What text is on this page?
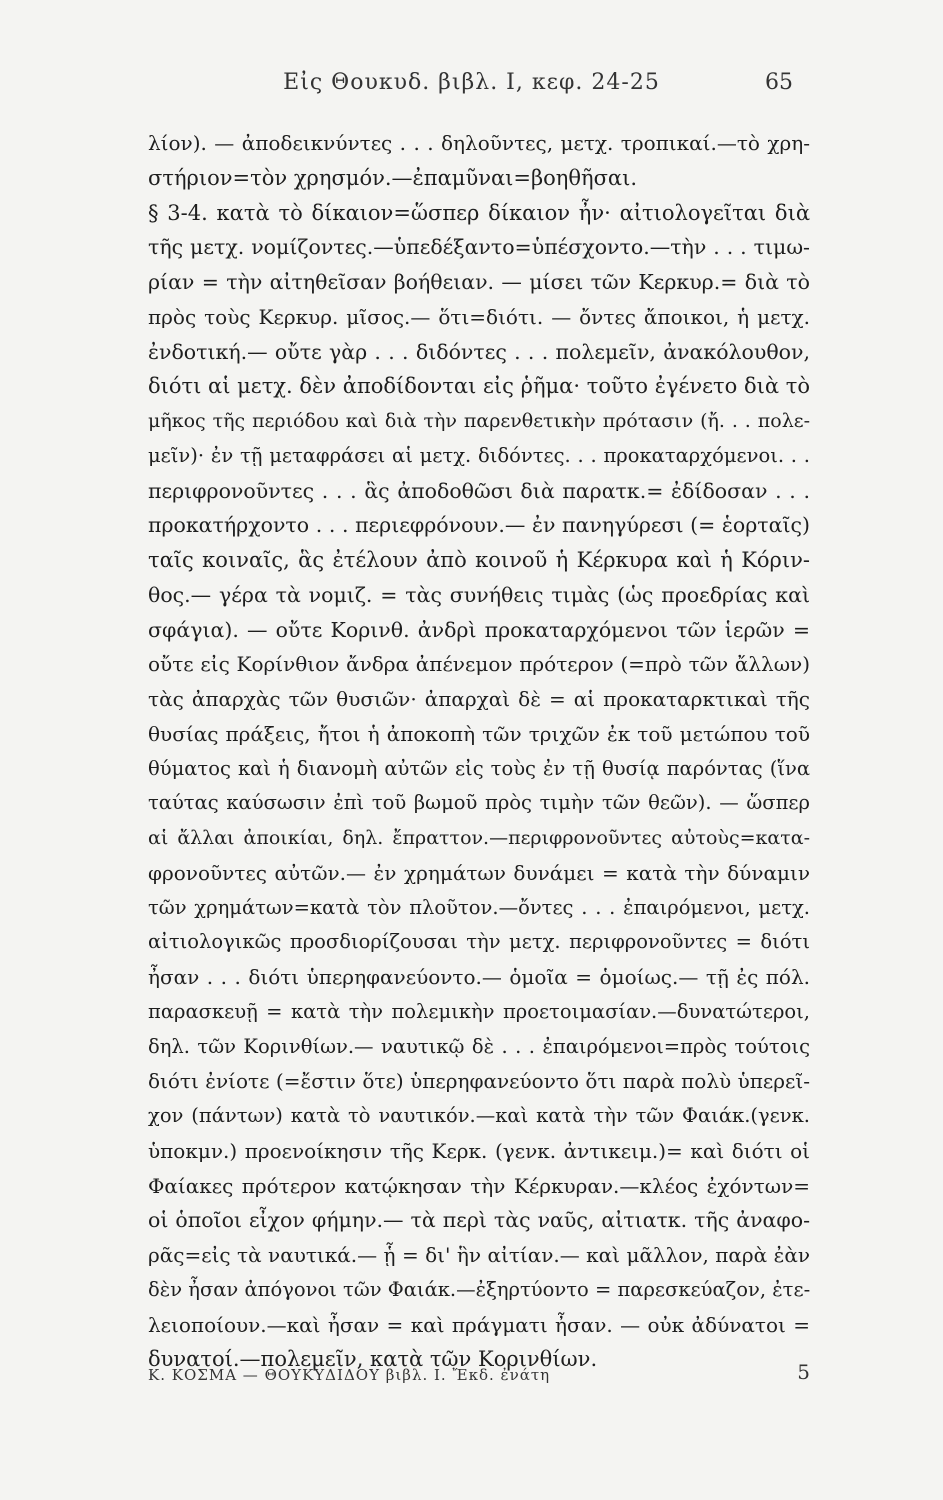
Εἰς Θουκυδ. βιβλ. Ι, κεφ. 24-25	65
λίον). — ἀποδεικνύντες . . . δηλοῦντες, μετχ. τροπικαί.—τὸ χρη-
στήριον=τὸν χρησμόν.—ἐπαμῦναι=βοηθῆσαι.
§ 3-4. κατὰ τὸ δίκαιον=ὥσπερ δίκαιον ἦν· αἰτιολογεῖται διὰ
τῆς μετχ. νομίζοντες.—ὑπεδέξαντο=ὑπέσχοντο.—τὴν . . . τιμω-
ρίαν = τὴν αἰτηθεῖσαν βοήθειαν. — μίσει τῶν Κερκυρ.= διὰ τὸ
πρὸς τοὺς Κερκυρ. μῖσος.— ὅτι=διότι. — ὄντες ἄποικοι, ἡ μετχ.
ἐνδοτική.— οὔτε γὰρ . . . διδόντες . . . πολεμεῖν, ἀνακόλουθον,
διότι αἱ μετχ. δὲν ἀποδίδονται εἰς ῥῆμα· τοῦτο ἐγένετο διὰ τὸ
μῆκος τῆς περιόδου καὶ διὰ τὴν παρενθετικὴν πρότασιν (ἤ. . . πολε-
μεῖν)· ἐν τῇ μεταφράσει αἱ μετχ. διδόντες. . . προκαταρχόμενοι. . .
περιφρονοῦντες . . . ἃς ἀποδοθῶσι διὰ παρατκ.= ἐδίδοσαν . . .
προκατήρχοντο . . . περιεφρόνουν.— ἐν πανηγύρεσι (= ἑορταῖς)
ταῖς κοιναῖς, ἃς ἐτέλουν ἀπὸ κοινοῦ ἡ Κέρκυρα καὶ ἡ Κόριν-
θος.— γέρα τὰ νομιζ. = τὰς συνήθεις τιμὰς (ὡς προεδρίας καὶ
σφάγια). — οὔτε Κορινθ. ἀνδρὶ προκαταρχόμενοι τῶν ἱερῶν =
οὔτε εἰς Κορίνθιον ἄνδρα ἀπένεμον πρότερον (=πρὸ τῶν ἄλλων)
τὰς ἀπαρχὰς τῶν θυσιῶν· ἀπαρχαὶ δὲ = αἱ προκαταρκτικαὶ τῆς
θυσίας πράξεις, ἤτοι ἡ ἀποκοπὴ τῶν τριχῶν ἐκ τοῦ μετώπου τοῦ
θύματος καὶ ἡ διανομὴ αὐτῶν εἰς τοὺς ἐν τῇ θυσίᾳ παρόντας (ἵνα
ταύτας καύσωσιν ἐπὶ τοῦ βωμοῦ πρὸς τιμὴν τῶν θεῶν). — ὥσπερ
αἱ ἄλλαι ἀποικίαι, δηλ. ἔπραττον.—περιφρονοῦντες αὐτοὺς=κατα-
φρονοῦντες αὐτῶν.— ἐν χρημάτων δυνάμει = κατὰ τὴν δύναμιν
τῶν χρημάτων=κατὰ τὸν πλοῦτον.—ὄντες . . . ἐπαιρόμενοι, μετχ.
αἰτιολογικῶς προσδιορίζουσαι τὴν μετχ. περιφρονοῦντες = διότι
ἦσαν . . . διότι ὑπερηφανεύοντο.— ὁμοῖα = ὁμοίως.— τῇ ἐς πόλ.
παρασκευῇ = κατὰ τὴν πολεμικὴν προετοιμασίαν.—δυνατώτεροι,
δηλ. τῶν Κορινθίων.— ναυτικῷ δὲ . . . ἐπαιρόμενοι=πρὸς τούτοις
διότι ἐνίοτε (=ἔστιν ὅτε) ὑπερηφανεύοντο ὅτι παρὰ πολὺ ὑπερεῖ-
χον (πάντων) κατὰ τὸ ναυτικόν.—καὶ κατὰ τὴν τῶν Φαιάκ.(γενκ.
ὑποκμν.) προενοίκησιν τῆς Κερκ. (γενκ. ἀντικειμ.)= καὶ διότι οἱ
Φαίακες πρότερον κατῴκησαν τὴν Κέρκυραν.—κλέος ἐχόντων=
οἱ ὁποῖοι εἶχον φήμην.— τὰ περὶ τὰς ναῦς, αἰτιατκ. τῆς ἀναφο-
ρᾶς=εἰς τὰ ναυτικά.— ᾗ = δι' ἣν αἰτίαν.— καὶ μᾶλλον, παρὰ ἐὰν
δὲν ἦσαν ἀπόγονοι τῶν Φαιάκ.—ἐξηρτύοντο = παρεσκεύαζον, ἐτε-
λειοποίουν.—καὶ ἦσαν = καὶ πράγματι ἦσαν. — οὐκ ἀδύνατοι =
δυνατοί.—πολεμεῖν, κατὰ τῶν Κορινθίων.
Κ. ΚΟΣΜΑ — ΘΟΥΚΥΔΙΔΟΥ βιβλ. Ι. Ἔκδ. ἐνάτη	5
